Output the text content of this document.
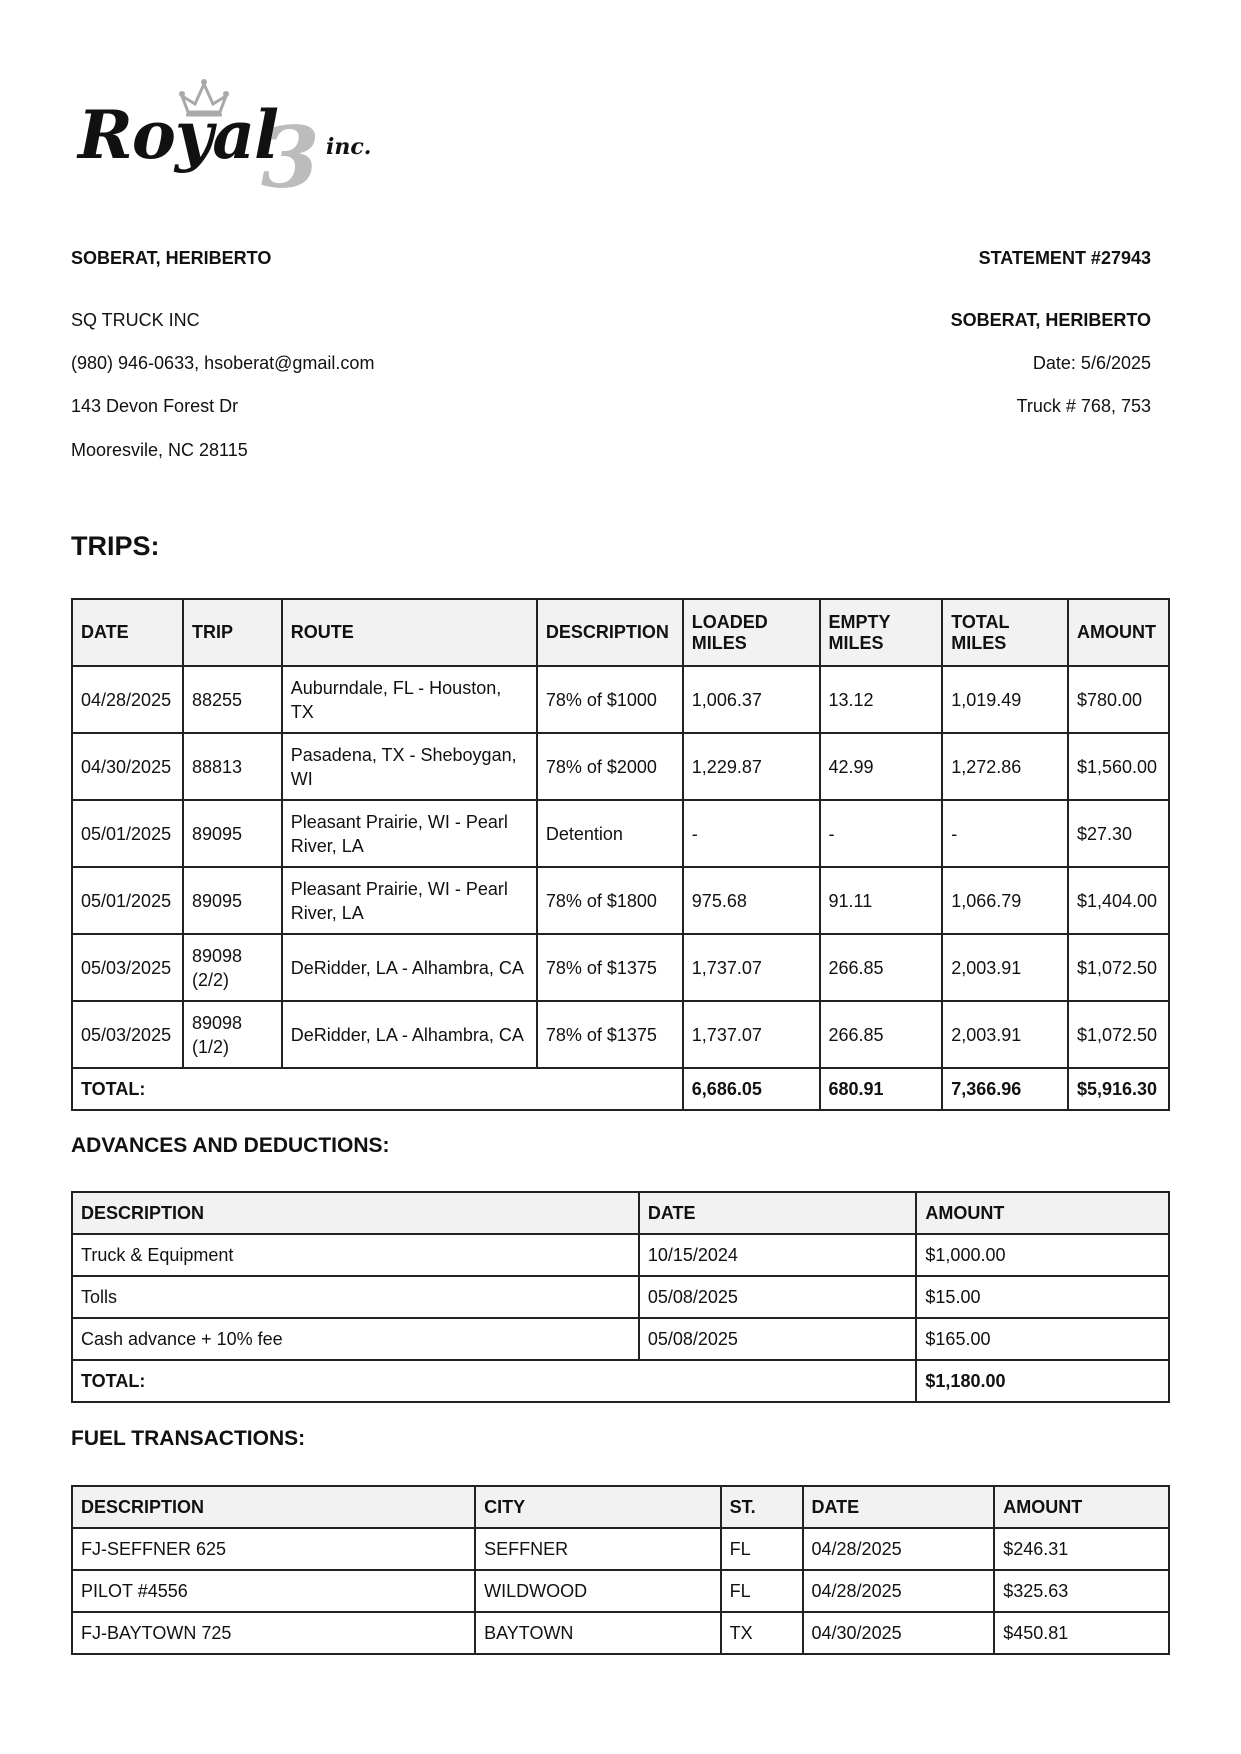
3
Royal inc.
SOBERAT, HERIBERTO
SQ TRUCK INC
(980) 946-0633, hsoberat@gmail.com
143 Devon Forest Dr
Mooresvile, NC 28115
STATEMENT #27943
SOBERAT, HERIBERTO
Date: 5/6/2025
Truck # 768, 753
TRIPS:
DATE	TRIP	ROUTE	DESCRIPTION	LOADED MILES	EMPTY MILES	TOTAL MILES	AMOUNT
04/28/2025	88255	Auburndale, FL - Houston, TX	78% of $1000	1,006.37	13.12	1,019.49	$780.00
04/30/2025	88813	Pasadena, TX - Sheboygan, WI	78% of $2000	1,229.87	42.99	1,272.86	$1,560.00
05/01/2025	89095	Pleasant Prairie, WI - Pearl River, LA	Detention	-	-	-	$27.30
05/01/2025	89095	Pleasant Prairie, WI - Pearl River, LA	78% of $1800	975.68	91.11	1,066.79	$1,404.00
05/03/2025	89098 (2/2)	DeRidder, LA - Alhambra, CA	78% of $1375	1,737.07	266.85	2,003.91	$1,072.50
05/03/2025	89098 (1/2)	DeRidder, LA - Alhambra, CA	78% of $1375	1,737.07	266.85	2,003.91	$1,072.50
TOTAL:				6,686.05	680.91	7,366.96	$5,916.30
ADVANCES AND DEDUCTIONS:
DESCRIPTION	DATE	AMOUNT
Truck & Equipment	10/15/2024	$1,000.00
Tolls	05/08/2025	$15.00
Cash advance + 10% fee	05/08/2025	$165.00
TOTAL:		$1,180.00
FUEL TRANSACTIONS:
DESCRIPTION	CITY	ST.	DATE	AMOUNT
FJ-SEFFNER 625	SEFFNER	FL	04/28/2025	$246.31
PILOT #4556	WILDWOOD	FL	04/28/2025	$325.63
FJ-BAYTOWN 725	BAYTOWN	TX	04/30/2025	$450.81
